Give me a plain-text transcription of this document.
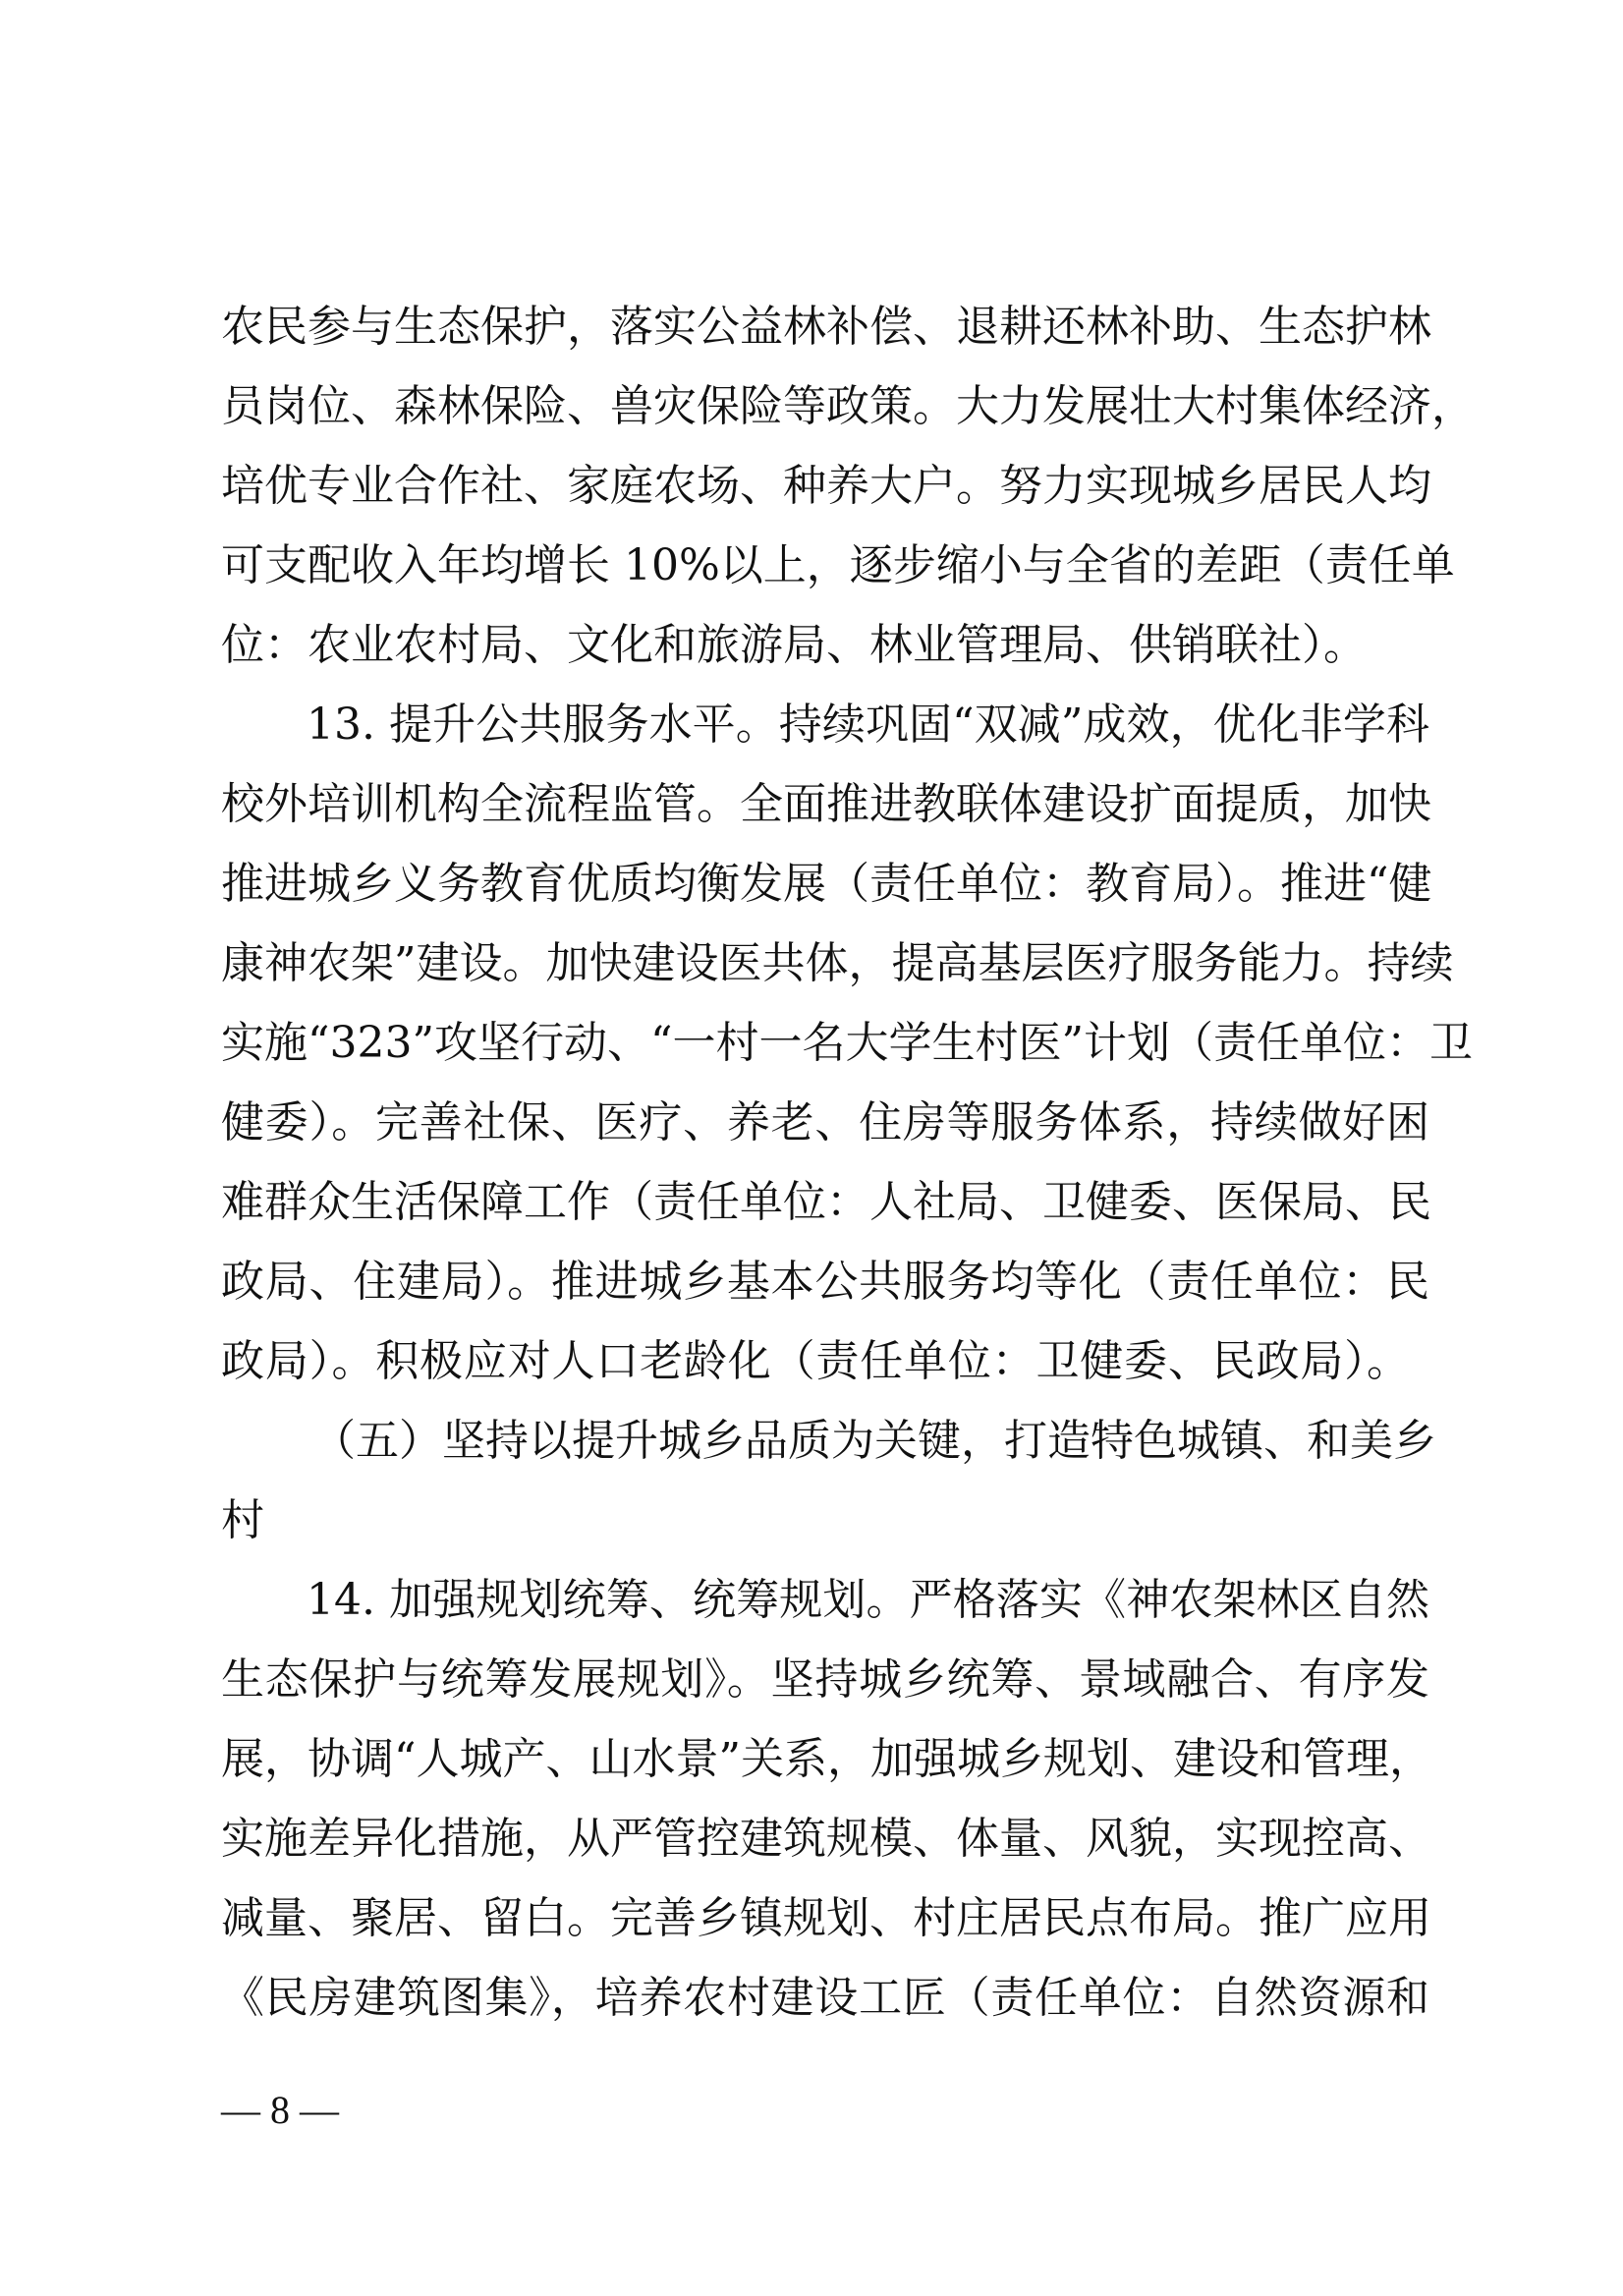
农民参与生态保护，落实公益林补偿、退耕还林补助、生态护林
员岗位、森林保险、兽灾保险等政策。大力发展壮大村集体经济，
培优专业合作社、家庭农场、种养大户。努力实现城乡居民人均
可支配收入年均增长 10%以上，逐步缩小与全省的差距（责任单
位：农业农村局、文化和旅游局、林业管理局、供销联社）。
13. 提升公共服务水平。持续巩固“双减”成效，优化非学科
校外培训机构全流程监管。全面推进教联体建设扩面提质，加快
推进城乡义务教育优质均衡发展（责任单位：教育局）。推进“健
康神农架”建设。加快建设医共体，提高基层医疗服务能力。持续
实施“323”攻坚行动、“一村一名大学生村医”计划（责任单位：卫
健委）。完善社保、医疗、养老、住房等服务体系，持续做好困
难群众生活保障工作（责任单位：人社局、卫健委、医保局、民
政局、住建局）。推进城乡基本公共服务均等化（责任单位：民
政局）。积极应对人口老龄化（责任单位：卫健委、民政局）。
（五）坚持以提升城乡品质为关键，打造特色城镇、和美乡
村
14. 加强规划统筹、统筹规划。严格落实《神农架林区自然
生态保护与统筹发展规划》。坚持城乡统筹、景域融合、有序发
展，协调“人城产、山水景”关系，加强城乡规划、建设和管理，
实施差异化措施，从严管控建筑规模、体量、风貌，实现控高、
减量、聚居、留白。完善乡镇规划、村庄居民点布局。推广应用
《民房建筑图集》，培养农村建设工匠（责任单位：自然资源和
— 8 —
